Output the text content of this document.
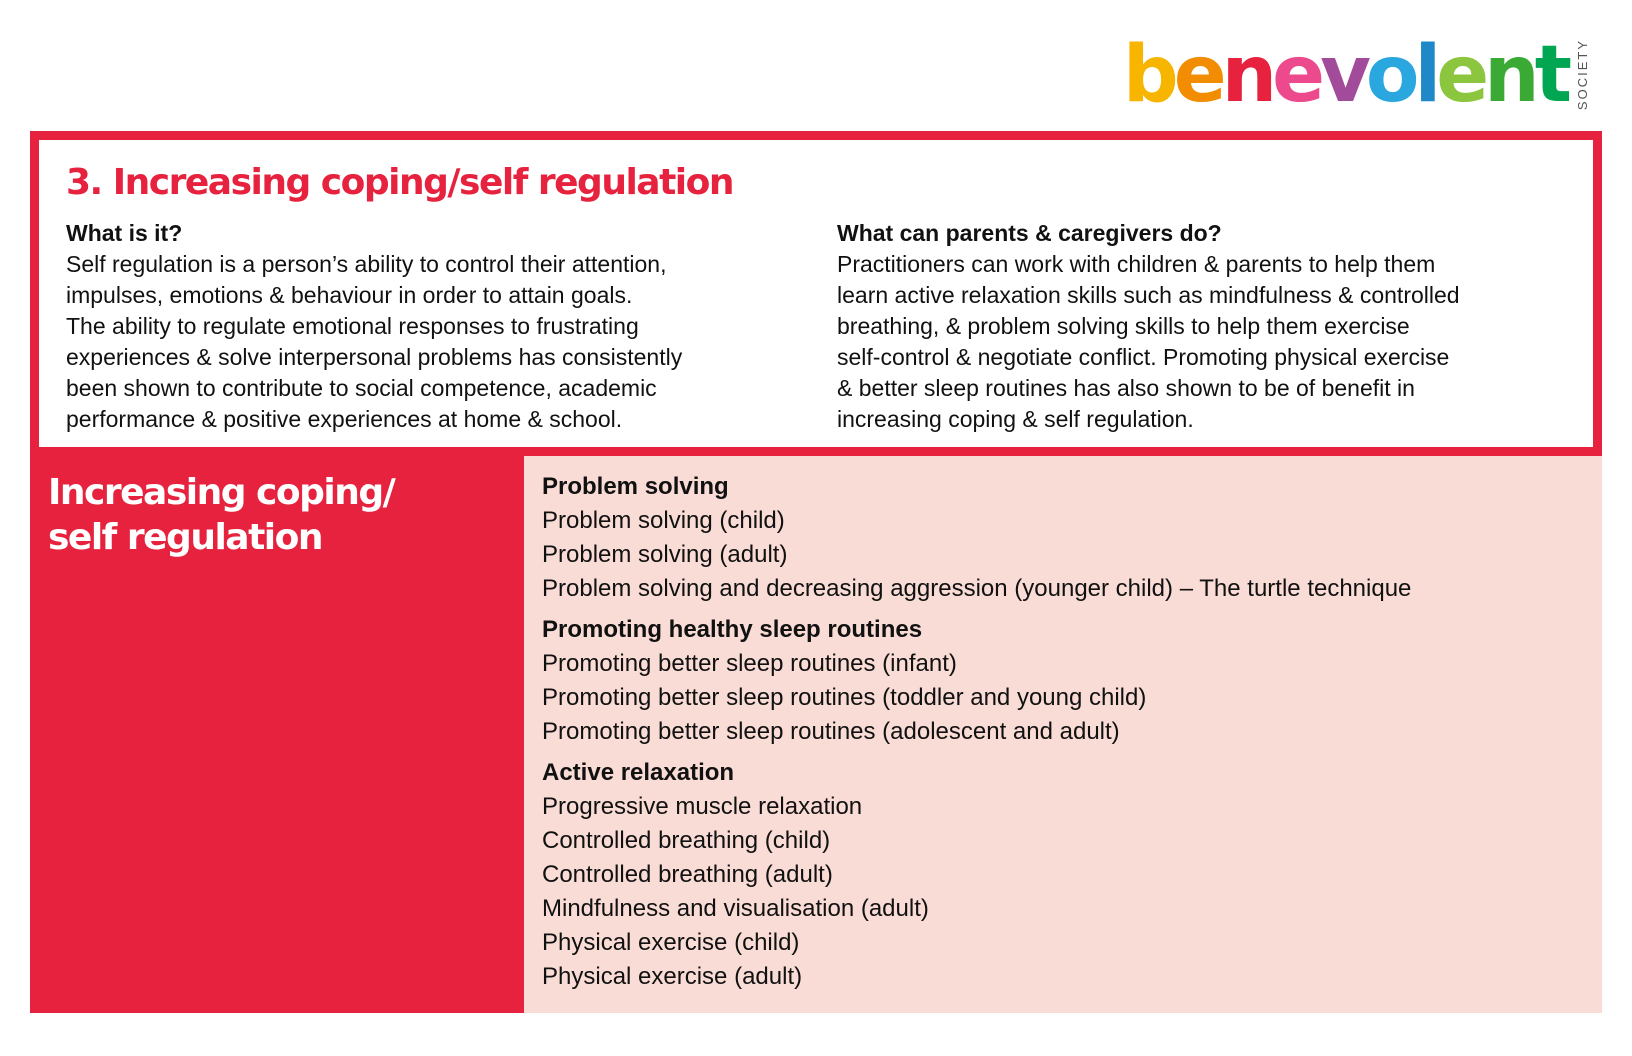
benevolent SOCIETY
3. Increasing coping/self regulation
What is it?

Self regulation is a person’s ability to control their attention,
impulses, emotions & behaviour in order to attain goals.
The ability to regulate emotional responses to frustrating
experiences & solve interpersonal problems has consistently
been shown to contribute to social competence, academic
performance & positive experiences at home & school.

What can parents & caregivers do?

Practitioners can work with children & parents to help them
learn active relaxation skills such as mindfulness & controlled
breathing, & problem solving skills to help them exercise
self-control & negotiate conflict. Promoting physical exercise
& better sleep routines has also shown to be of benefit in
increasing coping & self regulation.

Increasing coping/
self regulation
Problem solving
Problem solving (child)
Problem solving (adult)
Problem solving and decreasing aggression (younger child) – The turtle technique
Promoting healthy sleep routines
Promoting better sleep routines (infant)
Promoting better sleep routines (toddler and young child)
Promoting better sleep routines (adolescent and adult)
Active relaxation
Progressive muscle relaxation
Controlled breathing (child)
Controlled breathing (adult)
Mindfulness and visualisation (adult)
Physical exercise (child)
Physical exercise (adult)
